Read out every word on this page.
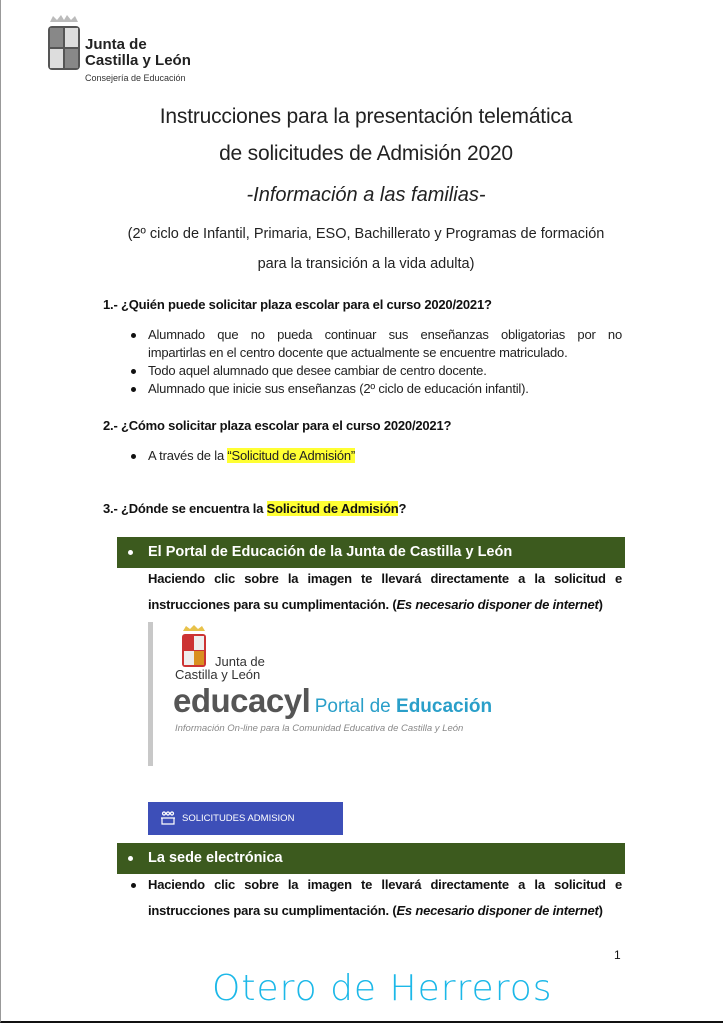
Junta de
Castilla y León
Consejería de Educación
Instrucciones para la presentación telemática
de solicitudes de Admisión 2020
-Información a las familias-
(2º ciclo de Infantil, Primaria, ESO, Bachillerato y Programas de formación
para la transición a la vida adulta)
1.- ¿Quién puede solicitar plaza escolar para el curso 2020/2021?
Alumnado que no pueda continuar sus enseñanzas obligatorias por no
impartirlas en el centro docente que actualmente se encuentre matriculado.
Todo aquel alumnado que desee cambiar de centro docente.
Alumnado que inicie sus enseñanzas (2º ciclo de educación infantil).
2.- ¿Cómo solicitar plaza escolar para el curso 2020/2021?
A través de la “Solicitud de Admisión”
3.- ¿Dónde se encuentra la Solicitud de Admisión?
El Portal de Educación de la Junta de Castilla y León
Haciendo clic sobre la imagen te llevará directamente a la solicitud e
instrucciones para su cumplimentación. (Es necesario disponer de internet)
Junta de
Castilla y León
educacyl Portal de Educación
Información On-line para la Comunidad Educativa de Castilla y León
SOLICITUDES ADMISION
La sede electrónica
Haciendo clic sobre la imagen te llevará directamente a la solicitud e
instrucciones para su cumplimentación. (Es necesario disponer de internet)
1
Otero de Herreros
